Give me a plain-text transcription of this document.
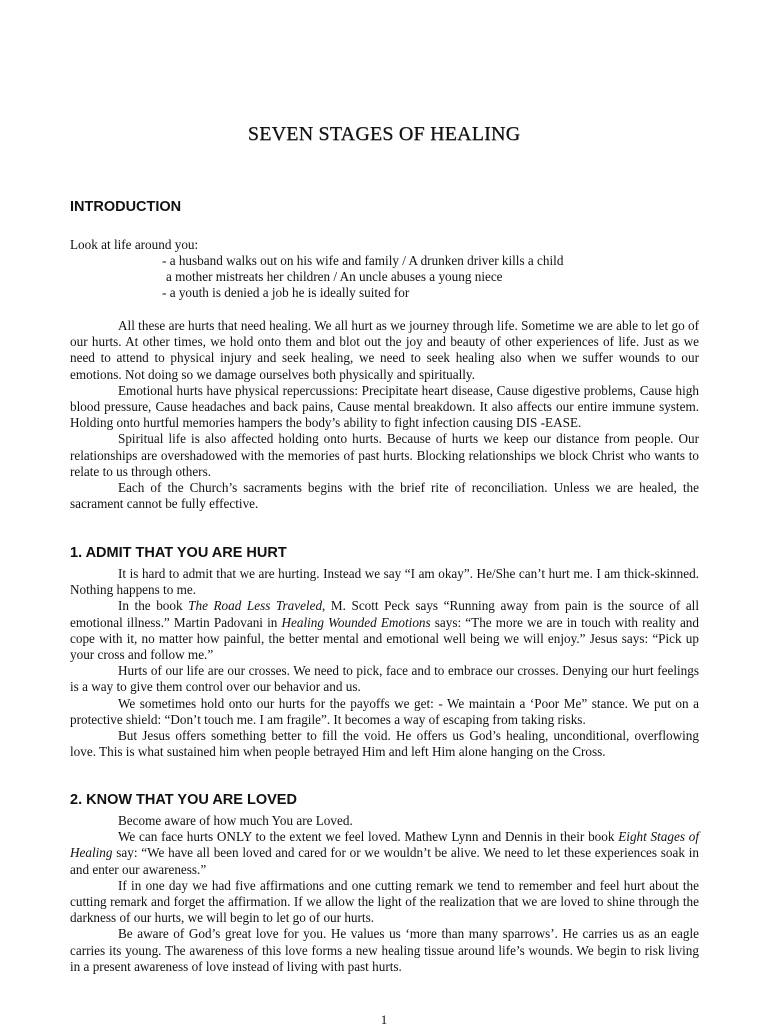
SEVEN STAGES OF HEALING
INTRODUCTION
Look at life around you:
- a husband walks out on his wife and family / A drunken driver kills a child
a mother mistreats her children / An uncle abuses a young niece
- a youth is denied a job he is ideally suited for

All these are hurts that need healing. We all hurt as we journey through life. Sometime we are able to let go of our hurts. At other times, we hold onto them and blot out the joy and beauty of other experiences of life. Just as we need to attend to physical injury and seek healing, we need to seek healing also when we suffer wounds to our emotions. Not doing so we damage ourselves both physically and spiritually.

Emotional hurts have physical repercussions: Precipitate heart disease, Cause digestive problems, Cause high blood pressure, Cause headaches and back pains, Cause mental breakdown. It also affects our entire immune system. Holding onto hurtful memories hampers the body’s ability to fight infection causing DIS -EASE.

Spiritual life is also affected holding onto hurts. Because of hurts we keep our distance from people. Our relationships are overshadowed with the memories of past hurts. Blocking relationships we block Christ who wants to relate to us through others.

Each of the Church’s sacraments begins with the brief rite of reconciliation. Unless we are healed, the sacrament cannot be fully effective.

1. ADMIT THAT YOU ARE HURT

It is hard to admit that we are hurting. Instead we say “I am okay”. He/She can’t hurt me. I am thick-skinned. Nothing happens to me.

In the book The Road Less Traveled, M. Scott Peck says “Running away from pain is the source of all emotional illness.” Martin Padovani in Healing Wounded Emotions says: “The more we are in touch with reality and cope with it, no matter how painful, the better mental and emotional well being we will enjoy.” Jesus says: “Pick up your cross and follow me.”

Hurts of our life are our crosses. We need to pick, face and to embrace our crosses. Denying our hurt feelings is a way to give them control over our behavior and us.

We sometimes hold onto our hurts for the payoffs we get: - We maintain a ‘Poor Me” stance. We put on a protective shield: “Don’t touch me. I am fragile”. It becomes a way of escaping from taking risks.

But Jesus offers something better to fill the void. He offers us God’s healing, unconditional, overflowing love. This is what sustained him when people betrayed Him and left Him alone hanging on the Cross.

2. KNOW THAT YOU ARE LOVED

Become aware of how much You are Loved.

We can face hurts ONLY to the extent we feel loved. Mathew Lynn and Dennis in their book Eight Stages of Healing say: “We have all been loved and cared for or we wouldn’t be alive. We need to let these experiences soak in and enter our awareness.”

If in one day we had five affirmations and one cutting remark we tend to remember and feel hurt about the cutting remark and forget the affirmation. If we allow the light of the realization that we are loved to shine through the darkness of our hurts, we will begin to let go of our hurts.

Be aware of God’s great love for you. He values us ‘more than many sparrows’. He carries us as an eagle carries its young. The awareness of this love forms a new healing tissue around life’s wounds. We begin to risk living in a present awareness of love instead of living with past hurts.

1
